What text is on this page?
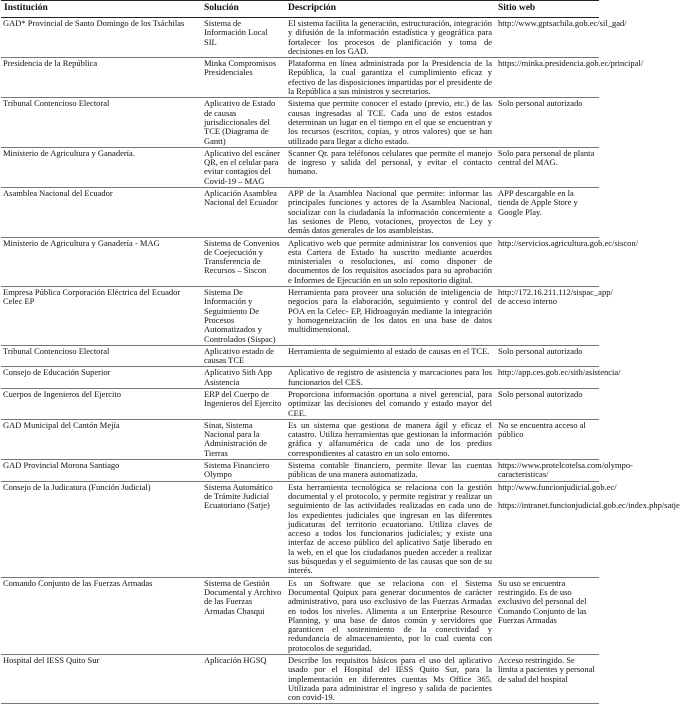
Institución	Solución	Descripción	Sitio web
GAD* Provincial de Santo Domingo de los Tsáchilas	Sistema de Información Local SIL	El sistema facilita la generación, estructuración, integración y difusión de la información estadística y geográfica para fortalecer los procesos de planificación y toma de decisiones en los GAD.	http://www.gptsachila.gob.ec/sil_gad/
Presidencia de la República	Minka Compromisos Presidenciales	Plataforma en línea administrada por la Presidencia de la República, la cual garantiza el cumplimiento eficaz y efectivo de las disposiciones impartidas por el presidente de la República a sus ministros y secretarios.	https://minka.presidencia.gob.ec/principal/
Tribunal Contencioso Electoral	Aplicativo de Estado de causas jurisdiccionales del TCE (Diagrama de Gantt)	Sistema que permite conocer el estado (previo, etc.) de las causas ingresadas al TCE. Cada uno de estos estados determinan un lugar en el tiempo en el que se encuentran y los recursos (escritos, copias, y otros valores) que se han utilizado para llegar a dicho estado.	Solo personal autorizado
Ministerio de Agricultura y Ganadería.	Aplicativo del escáner QR, en el celular para evitar contagios del Covid-19 – MAG	Scanner Qr. para teléfonos celulares que permite el manejo de ingreso y salida del personal, y evitar el contacto humano.	Solo para personal de planta central del MAG.
Asamblea Nacional del Ecuador	Aplicación Asamblea Nacional del Ecuador	APP de la Asamblea Nacional que permite: informar las principales funciones y actores de la Asamblea Nacional, socializar con la ciudadanía la información concerniente a las sesiones de Pleno, votaciones, proyectos de Ley y demás datos generales de los asambleístas.	APP descargable en la tienda de Apple Store y Google Play.
Ministerio de Agricultura y Ganadería - MAG	Sistema de Convenios de Coejecución y Transferencia de Recursos – Siscon	Aplicativo web que permite administrar los convenios que esta Cartera de Estado ha suscrito mediante acuerdos ministeriales o resoluciones, así como disponer de documentos de los requisitos asociados para su aprobación e Informes de Ejecución en un solo repositorio digital.	http://servicios.agricultura.gob.ec/siscon/
Empresa Pública Corporación Eléctrica del Ecuador Celec EP	Sistema De Información y Seguimiento De Procesos Automatizados y Controlados (Sispac)	Herramienta para proveer una solución de inteligencia de negocios para la elaboración, seguimiento y control del POA en la Celec- EP, Hidroagoyán mediante la integración y homogeneización de los datos en una base de datos multidimensional.	http://172.16.211.112/sispac_app/ de acceso interno
Tribunal Contencioso Electoral	Aplicativo estado de causas TCE	Herramienta de seguimiento al estado de causas en el TCE.	Solo personal autorizado
Consejo de Educación Superior	Aplicativo Sith App Asistencia	Aplicativo de registro de asistencia y marcaciones para los funcionarios del CES.	http://app.ces.gob.ec/sith/asistencia/
Cuerpos de Ingenieros del Ejercito	ERP del Cuerpo de Ingenieros del Ejercito	Proporciona información oportuna a nivel gerencial, para optimizar las decisiones del comando y estado mayor del CEE.	Solo personal autorizado
GAD Municipal del Cantón Mejía	Sinat, Sistema Nacional para la Administración de Tierras	Es un sistema que gestiona de manera ágil y eficaz el catastro. Utiliza herramientas que gestionan la información gráfica y alfanumérica de cada uno de los predios correspondientes al catastro en un solo entorno.	No se encuentra acceso al público
GAD Provincial Morona Santiago	Sistema Financiero Olympo	Sistema contable financiero, permite llevar las cuentas públicas de una manera automatizada.	https://www.protelcotelsa.com/olympo-caracteristicas/
Consejo de la Judicatura (Función Judicial)	Sistema Automático de Trámite Judicial Ecuatoriano (Satje)	Esta herramienta tecnológica se relaciona con la gestión documental y el protocolo, y permite registrar y realizar un seguimiento de las actividades realizadas en cada uno de los expedientes judiciales que ingresan en las diferentes judicaturas del territorio ecuatoriano. Utiliza claves de acceso a todos los funcionarios judiciales; y existe una interfaz de acceso público del aplicativo Satje liberado en la web, en el que los ciudadanos pueden acceder a realizar sus búsquedas y el seguimiento de las causas que son de su interés.	http://www.funcionjudicial.gob.ec/

https://intranet.funcionjudicial.gob.ec/index.php/satje
Comando Conjunto de las Fuerzas Armadas	Sistema de Gestión Documental y Archivo de las Fuerzas Armadas Chasqui	Es un Software que se relaciona con el Sistema Documental Quipux para generar documentos de carácter administrativo, para uso exclusivo de las Fuerzas Armadas en todos los niveles. Alimenta a un Enterprise Resource Planning, y una base de datos común y servidores que garanticen el sostenimiento de la conectividad y redundancia de almacenamiento, por lo cual cuenta con protocolos de seguridad.	Su uso se encuentra restringido. Es de uso exclusivo del personal del Comando Conjunto de las Fuerzas Armadas
Hospital del IESS Quito Sur	Aplicación HGSQ	Describe los requisitos básicos para el uso del aplicativo usado por el Hospital del IESS Quito Sur, para la implementación en diferentes cuentas Ms Office 365. Utilizada para administrar el ingreso y salida de pacientes con covid-19.	Acceso restringido. Se limita a pacientes y personal de salud del hospital
